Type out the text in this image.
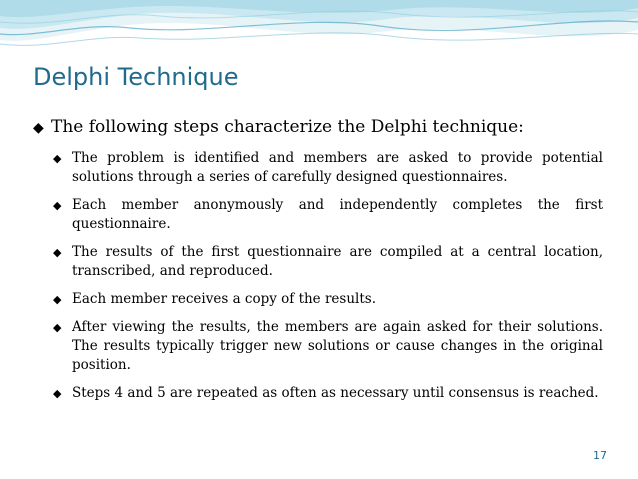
Delphi Technique

◆ The following steps characterize the Delphi technique:

◆ The problem is identified and members are asked to provide potential solutions through a series of carefully designed questionnaires.
◆ Each member anonymously and independently completes the first questionnaire.
◆ The results of the first questionnaire are compiled at a central location, transcribed, and reproduced.
◆ Each member receives a copy of the results.
◆ After viewing the results, the members are again asked for their solutions. The results typically trigger new solutions or cause changes in the original position.
◆ Steps 4 and 5 are repeated as often as necessary until consensus is reached.
17
